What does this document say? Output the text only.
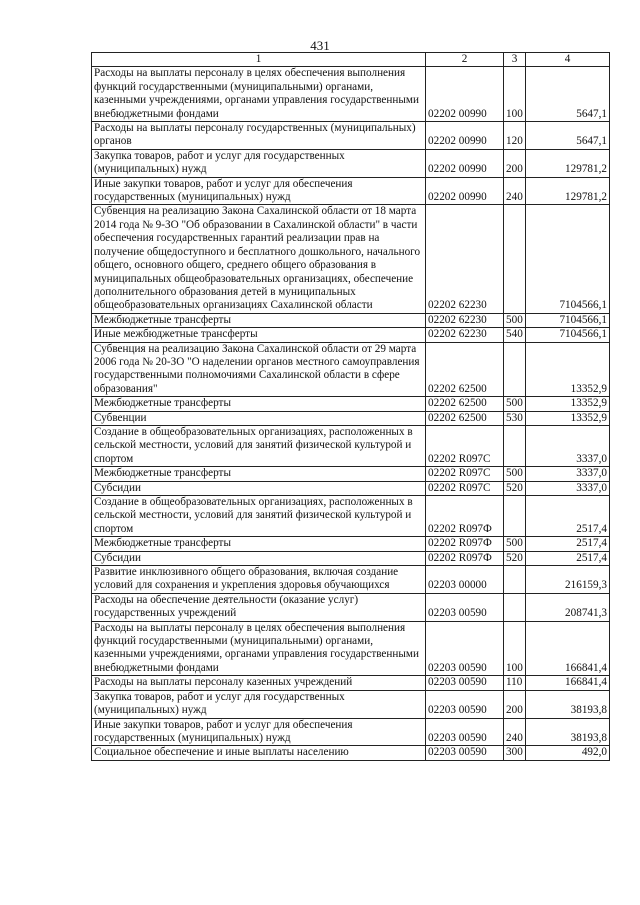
431
1	2	3	4
Расходы на выплаты персоналу в целях обеспечения выполнения функций государственными (муниципальными) органами, казенными учреждениями, органами управления государственными внебюджетными фондами	02202 00990	100	5647,1
Расходы на выплаты персоналу государственных (муниципальных) органов	02202 00990	120	5647,1
Закупка товаров, работ и услуг для государственных (муниципальных) нужд	02202 00990	200	129781,2
Иные закупки товаров, работ и услуг для обеспечения государственных (муниципальных) нужд	02202 00990	240	129781,2
Субвенция на реализацию Закона Сахалинской области от 18 марта 2014 года № 9-ЗО "Об образовании в Сахалинской области" в части обеспечения государственных гарантий реализации прав на получение общедоступного и бесплатного дошкольного, начального общего, основного общего, среднего общего образования в муниципальных общеобразовательных организациях, обеспечение дополнительного образования детей в муниципальных общеобразовательных организациях Сахалинской области	02202 62230		7104566,1
Межбюджетные трансферты	02202 62230	500	7104566,1
Иные межбюджетные трансферты	02202 62230	540	7104566,1
Субвенция на реализацию Закона Сахалинской области от 29 марта 2006 года № 20-ЗО "О наделении органов местного самоуправления государственными полномочиями Сахалинской области в сфере образования"	02202 62500		13352,9
Межбюджетные трансферты	02202 62500	500	13352,9
Субвенции	02202 62500	530	13352,9
Создание в общеобразовательных организациях, расположенных в сельской местности, условий для занятий физической культурой и спортом	02202 R097С		3337,0
Межбюджетные трансферты	02202 R097С	500	3337,0
Субсидии	02202 R097С	520	3337,0
Создание в общеобразовательных организациях, расположенных в сельской местности, условий для занятий физической культурой и спортом	02202 R097Ф		2517,4
Межбюджетные трансферты	02202 R097Ф	500	2517,4
Субсидии	02202 R097Ф	520	2517,4
Развитие инклюзивного общего образования, включая создание условий для сохранения и укрепления здоровья обучающихся	02203 00000		216159,3
Расходы на обеспечение деятельности (оказание услуг) государственных учреждений	02203 00590		208741,3
Расходы на выплаты персоналу в целях обеспечения выполнения функций государственными (муниципальными) органами, казенными учреждениями, органами управления государственными внебюджетными фондами	02203 00590	100	166841,4
Расходы на выплаты персоналу казенных учреждений	02203 00590	110	166841,4
Закупка товаров, работ и услуг для государственных (муниципальных) нужд	02203 00590	200	38193,8
Иные закупки товаров, работ и услуг для обеспечения государственных (муниципальных) нужд	02203 00590	240	38193,8
Социальное обеспечение и иные выплаты населению	02203 00590	300	492,0
